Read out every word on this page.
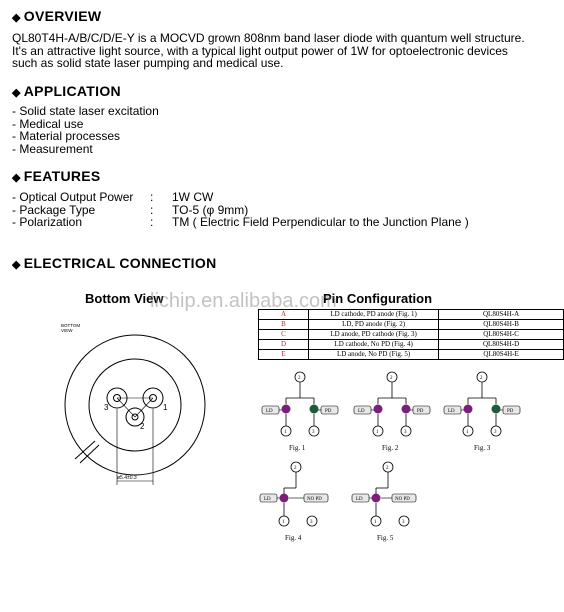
◆ OVERVIEW
QL80T4H-A/B/C/D/E-Y is a MOCVD grown 808nm band laser diode with quantum well structure.
It's an attractive light source, with a typical light output power of 1W for optoelectronic devices
such as solid state laser pumping and medical use.
◆ APPLICATION
- Solid state laser excitation
- Medical use
- Material processes
- Measurement
◆ FEATURES
- Optical Output Power : 1W CW
- Package Type	: TO-5 (φ 9mm)
- Polarization	: TM ( Electric Field Perpendicular to the Junction Plane )
◆ ELECTRICAL CONNECTION
Bottom View	Pin Configuration
3
2
1
ø5.4±0.3
BOTTOM
VIEW
lichip.en.alibaba.com
A	LD cathode, PD anode (Fig. 1)	QL80S4H-A
B	LD, PD anode (Fig. 2)	QL80S4H-B
C	LD anode, PD cathode (Fig. 3)	QL80S4H-C
D	LD cathode, No PD (Fig. 4)	QL80S4H-D
E	LD anode, No PD (Fig. 5)	QL80S4H-E
2
LD	PD
1	3
Fig. 1
2
LD	PD
1	3
Fig. 2
2
LD	PD
1	3
Fig. 3
2
LD	NO PD
1	3
Fig. 4
2
LD	NO PD
1	3
Fig. 5
